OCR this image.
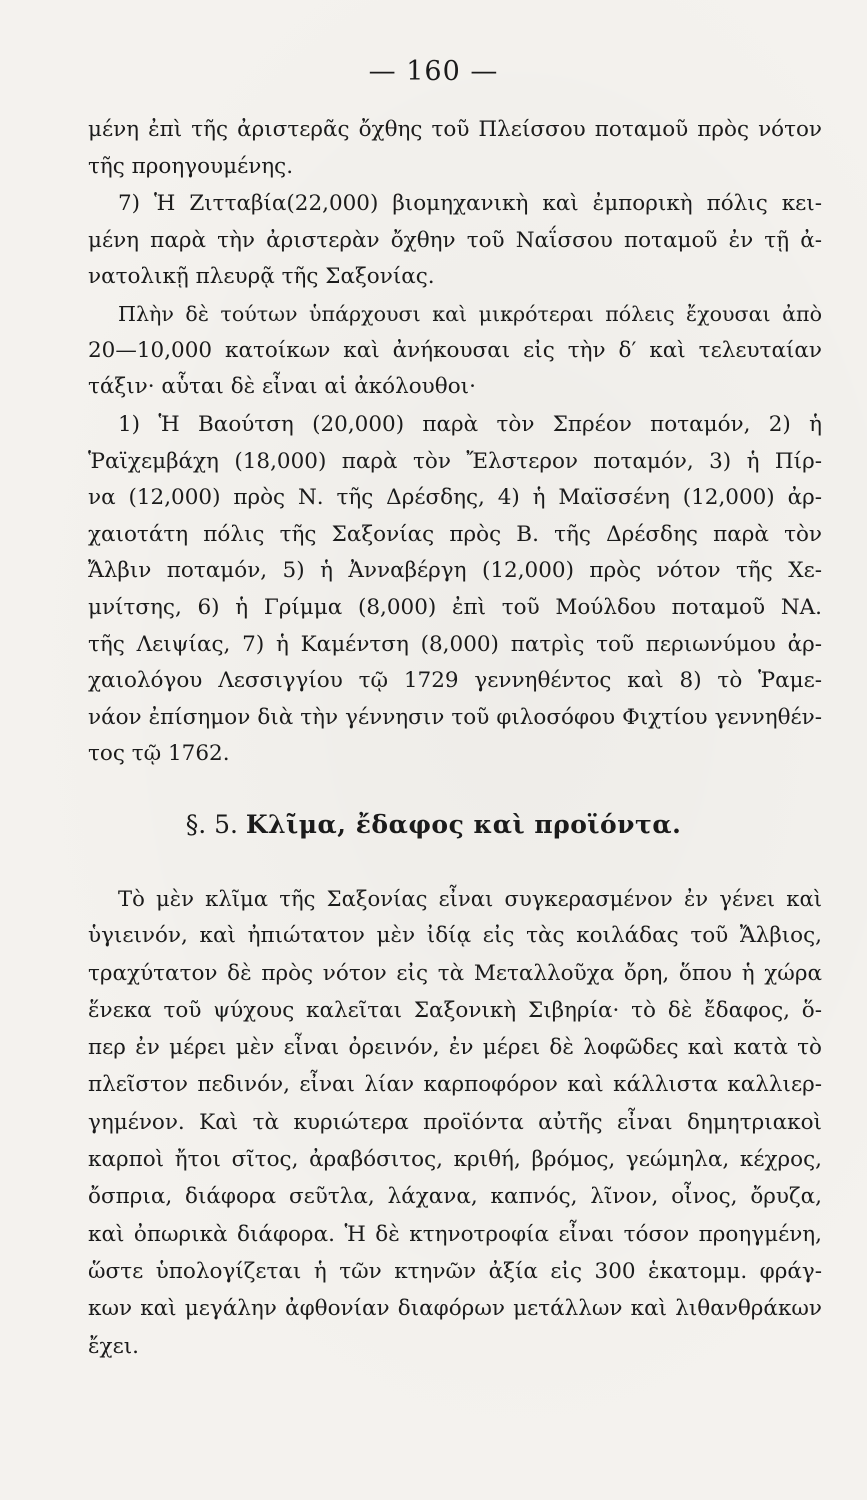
— 160 —
μένη ἐπὶ τῆς ἀριστερᾶς ὄχθης τοῦ Πλείσσου ποταμοῦ πρὸς νότον
τῆς προηγουμένης.
7) Ἡ Ζιτταβία(22,000) βιομηχανικὴ καὶ ἐμπορικὴ πόλις κει-
μένη παρὰ τὴν ἀριστερὰν ὄχθην τοῦ Ναΐσσου ποταμοῦ ἐν τῇ ἀ-
νατολικῇ πλευρᾷ τῆς Σαξονίας.
Πλὴν δὲ τούτων ὑπάρχουσι καὶ μικρότεραι πόλεις ἔχουσαι ἀπὸ
20—10,000 κατοίκων καὶ ἀνήκουσαι εἰς τὴν δ′ καὶ τελευταίαν
τάξιν· αὗται δὲ εἶναι αἱ ἀκόλουθοι·
1) Ἡ Βαούτση (20,000) παρὰ τὸν Σπρέον ποταμόν, 2) ἡ
Ῥαϊχεμβάχη (18,000) παρὰ τὸν Ἔλστερον ποταμόν, 3) ἡ Πίρ-
να (12,000) πρὸς Ν. τῆς Δρέσδης, 4) ἡ Μαϊσσένη (12,000) ἀρ-
χαιοτάτη πόλις τῆς Σαξονίας πρὸς Β. τῆς Δρέσδης παρὰ τὸν
Ἄλβιν ποταμόν, 5) ἡ Ἀνναβέργη (12,000) πρὸς νότον τῆς Χε-
μνίτσης, 6) ἡ Γρίμμα (8,000) ἐπὶ τοῦ Μούλδου ποταμοῦ ΝΑ.
τῆς Λειψίας, 7) ἡ Καμέντση (8,000) πατρὶς τοῦ περιωνύμου ἀρ-
χαιολόγου Λεσσιγγίου τῷ 1729 γεννηθέντος καὶ 8) τὸ Ῥαμε-
νάον ἐπίσημον διὰ τὴν γέννησιν τοῦ φιλοσόφου Φιχτίου γεννηθέν-
τος τῷ 1762.
§. 5. Κλῖμα, ἔδαφος καὶ προϊόντα.
Τὸ μὲν κλῖμα τῆς Σαξονίας εἶναι συγκερασμένον ἐν γένει καὶ
ὑγιεινόν, καὶ ἠπιώτατον μὲν ἰδίᾳ εἰς τὰς κοιλάδας τοῦ Ἄλβιος,
τραχύτατον δὲ πρὸς νότον εἰς τὰ Μεταλλοῦχα ὄρη, ὅπου ἡ χώρα
ἕνεκα τοῦ ψύχους καλεῖται Σαξονικὴ Σιβηρία· τὸ δὲ ἔδαφος, ὅ-
περ ἐν μέρει μὲν εἶναι ὀρεινόν, ἐν μέρει δὲ λοφῶδες καὶ κατὰ τὸ
πλεῖστον πεδινόν, εἶναι λίαν καρποφόρον καὶ κάλλιστα καλλιερ-
γημένον. Καὶ τὰ κυριώτερα προϊόντα αὐτῆς εἶναι δημητριακοὶ
καρποὶ ἤτοι σῖτος, ἀραβόσιτος, κριθή, βρόμος, γεώμηλα, κέχρος,
ὄσπρια, διάφορα σεῦτλα, λάχανα, καπνός, λῖνον, οἶνος, ὄρυζα,
καὶ ὀπωρικὰ διάφορα. Ἡ δὲ κτηνοτροφία εἶναι τόσον προηγμένη,
ὥστε ὑπολογίζεται ἡ τῶν κτηνῶν ἀξία εἰς 300 ἑκατομμ. φράγ-
κων καὶ μεγάλην ἀφθονίαν διαφόρων μετάλλων καὶ λιθανθράκων
ἔχει.
